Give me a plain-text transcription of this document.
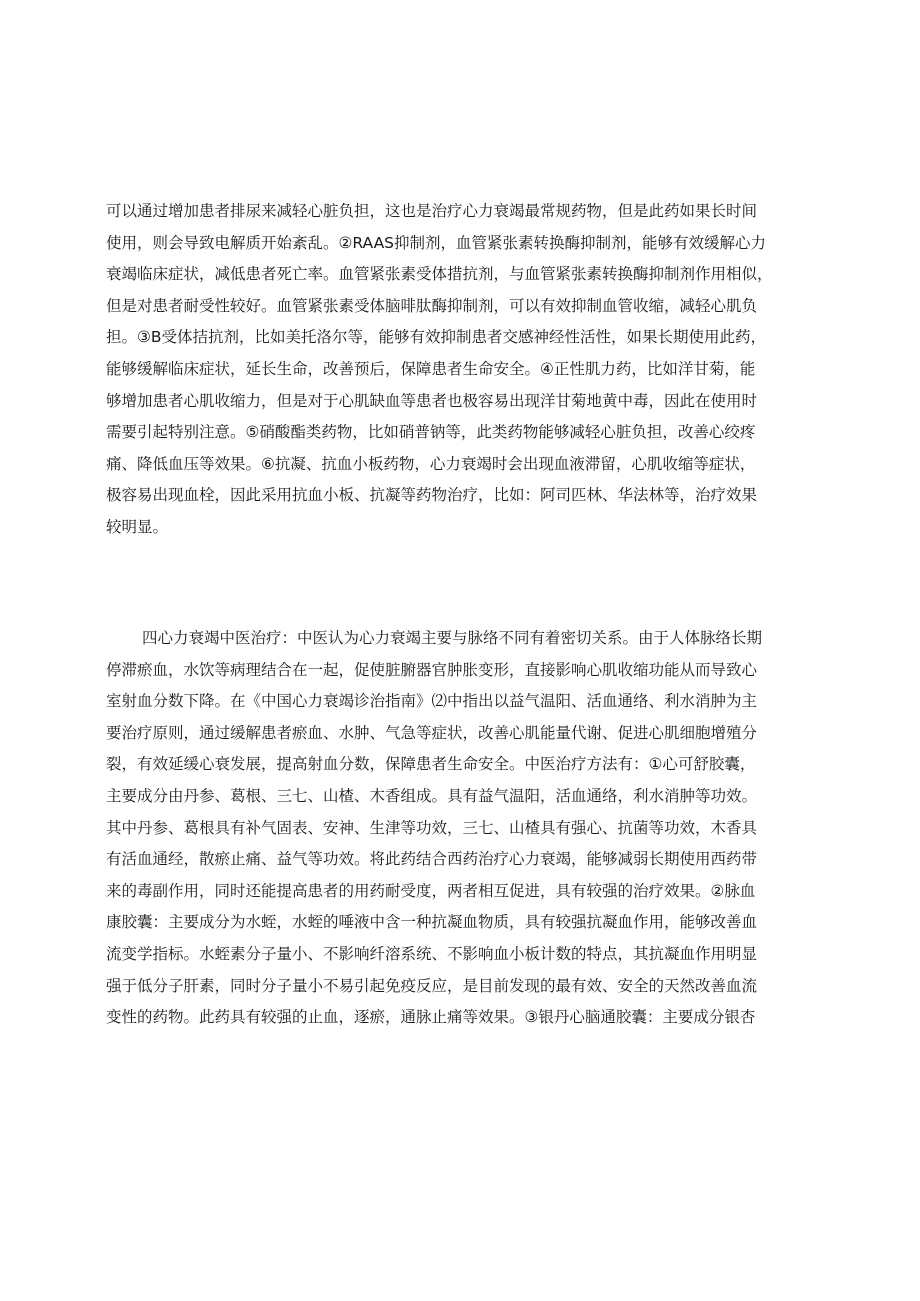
可以通过增加患者排尿来减轻心脏负担，这也是治疗心力衰竭最常规药物，但是此药如果长时间
使用，则会导致电解质开始紊乱。②RAAS抑制剂，血管紧张素转换酶抑制剂，能够有效缓解心力
衰竭临床症状，减低患者死亡率。血管紧张素受体措抗剂，与血管紧张素转换酶抑制剂作用相似，
但是对患者耐受性较好。血管紧张素受体脑啡肽酶抑制剂，可以有效抑制血管收缩，减轻心肌负
担。③B受体拮抗剂，比如美托洛尔等，能够有效抑制患者交感神经性活性，如果长期使用此药，
能够缓解临床症状，延长生命，改善预后，保障患者生命安全。④正性肌力药，比如洋甘菊，能
够增加患者心肌收缩力，但是对于心肌缺血等患者也极容易出现洋甘菊地黄中毒，因此在使用时
需要引起特别注意。⑤硝酸酯类药物，比如硝普钠等，此类药物能够减轻心脏负担，改善心绞疼
痛、降低血压等效果。⑥抗凝、抗血小板药物，心力衰竭时会出现血液滞留，心肌收缩等症状，
极容易出现血栓，因此采用抗血小板、抗凝等药物治疗，比如：阿司匹林、华法林等，治疗效果
较明显。

四心力衰竭中医治疗：中医认为心力衰竭主要与脉络不同有着密切关系。由于人体脉络长期
停滞瘀血，水饮等病理结合在一起，促使脏腑器官肿胀变形，直接影响心肌收缩功能从而导致心
室射血分数下降。在《中国心力衰竭诊治指南》⑵中指出以益气温阳、活血通络、利水消肿为主
要治疗原则，通过缓解患者瘀血、水肿、气急等症状，改善心肌能量代谢、促进心肌细胞增殖分
裂，有效延缓心衰发展，提高射血分数，保障患者生命安全。中医治疗方法有：①心可舒胶囊，
主要成分由丹参、葛根、三七、山楂、木香组成。具有益气温阳，活血通络，利水消肿等功效。
其中丹参、葛根具有补气固表、安神、生津等功效，三七、山楂具有强心、抗菌等功效，木香具
有活血通经，散瘀止痛、益气等功效。将此药结合西药治疗心力衰竭，能够减弱长期使用西药带
来的毒副作用，同时还能提高患者的用药耐受度，两者相互促进，具有较强的治疗效果。②脉血
康胶囊：主要成分为水蛭，水蛭的唾液中含一种抗凝血物质，具有较强抗凝血作用，能够改善血
流变学指标。水蛭素分子量小、不影响纤溶系统、不影响血小板计数的特点，其抗凝血作用明显
强于低分子肝素，同时分子量小不易引起免疫反应，是目前发现的最有效、安全的天然改善血流
变性的药物。此药具有较强的止血，逐瘀，通脉止痛等效果。③银丹心脑通胶囊：主要成分银杏
